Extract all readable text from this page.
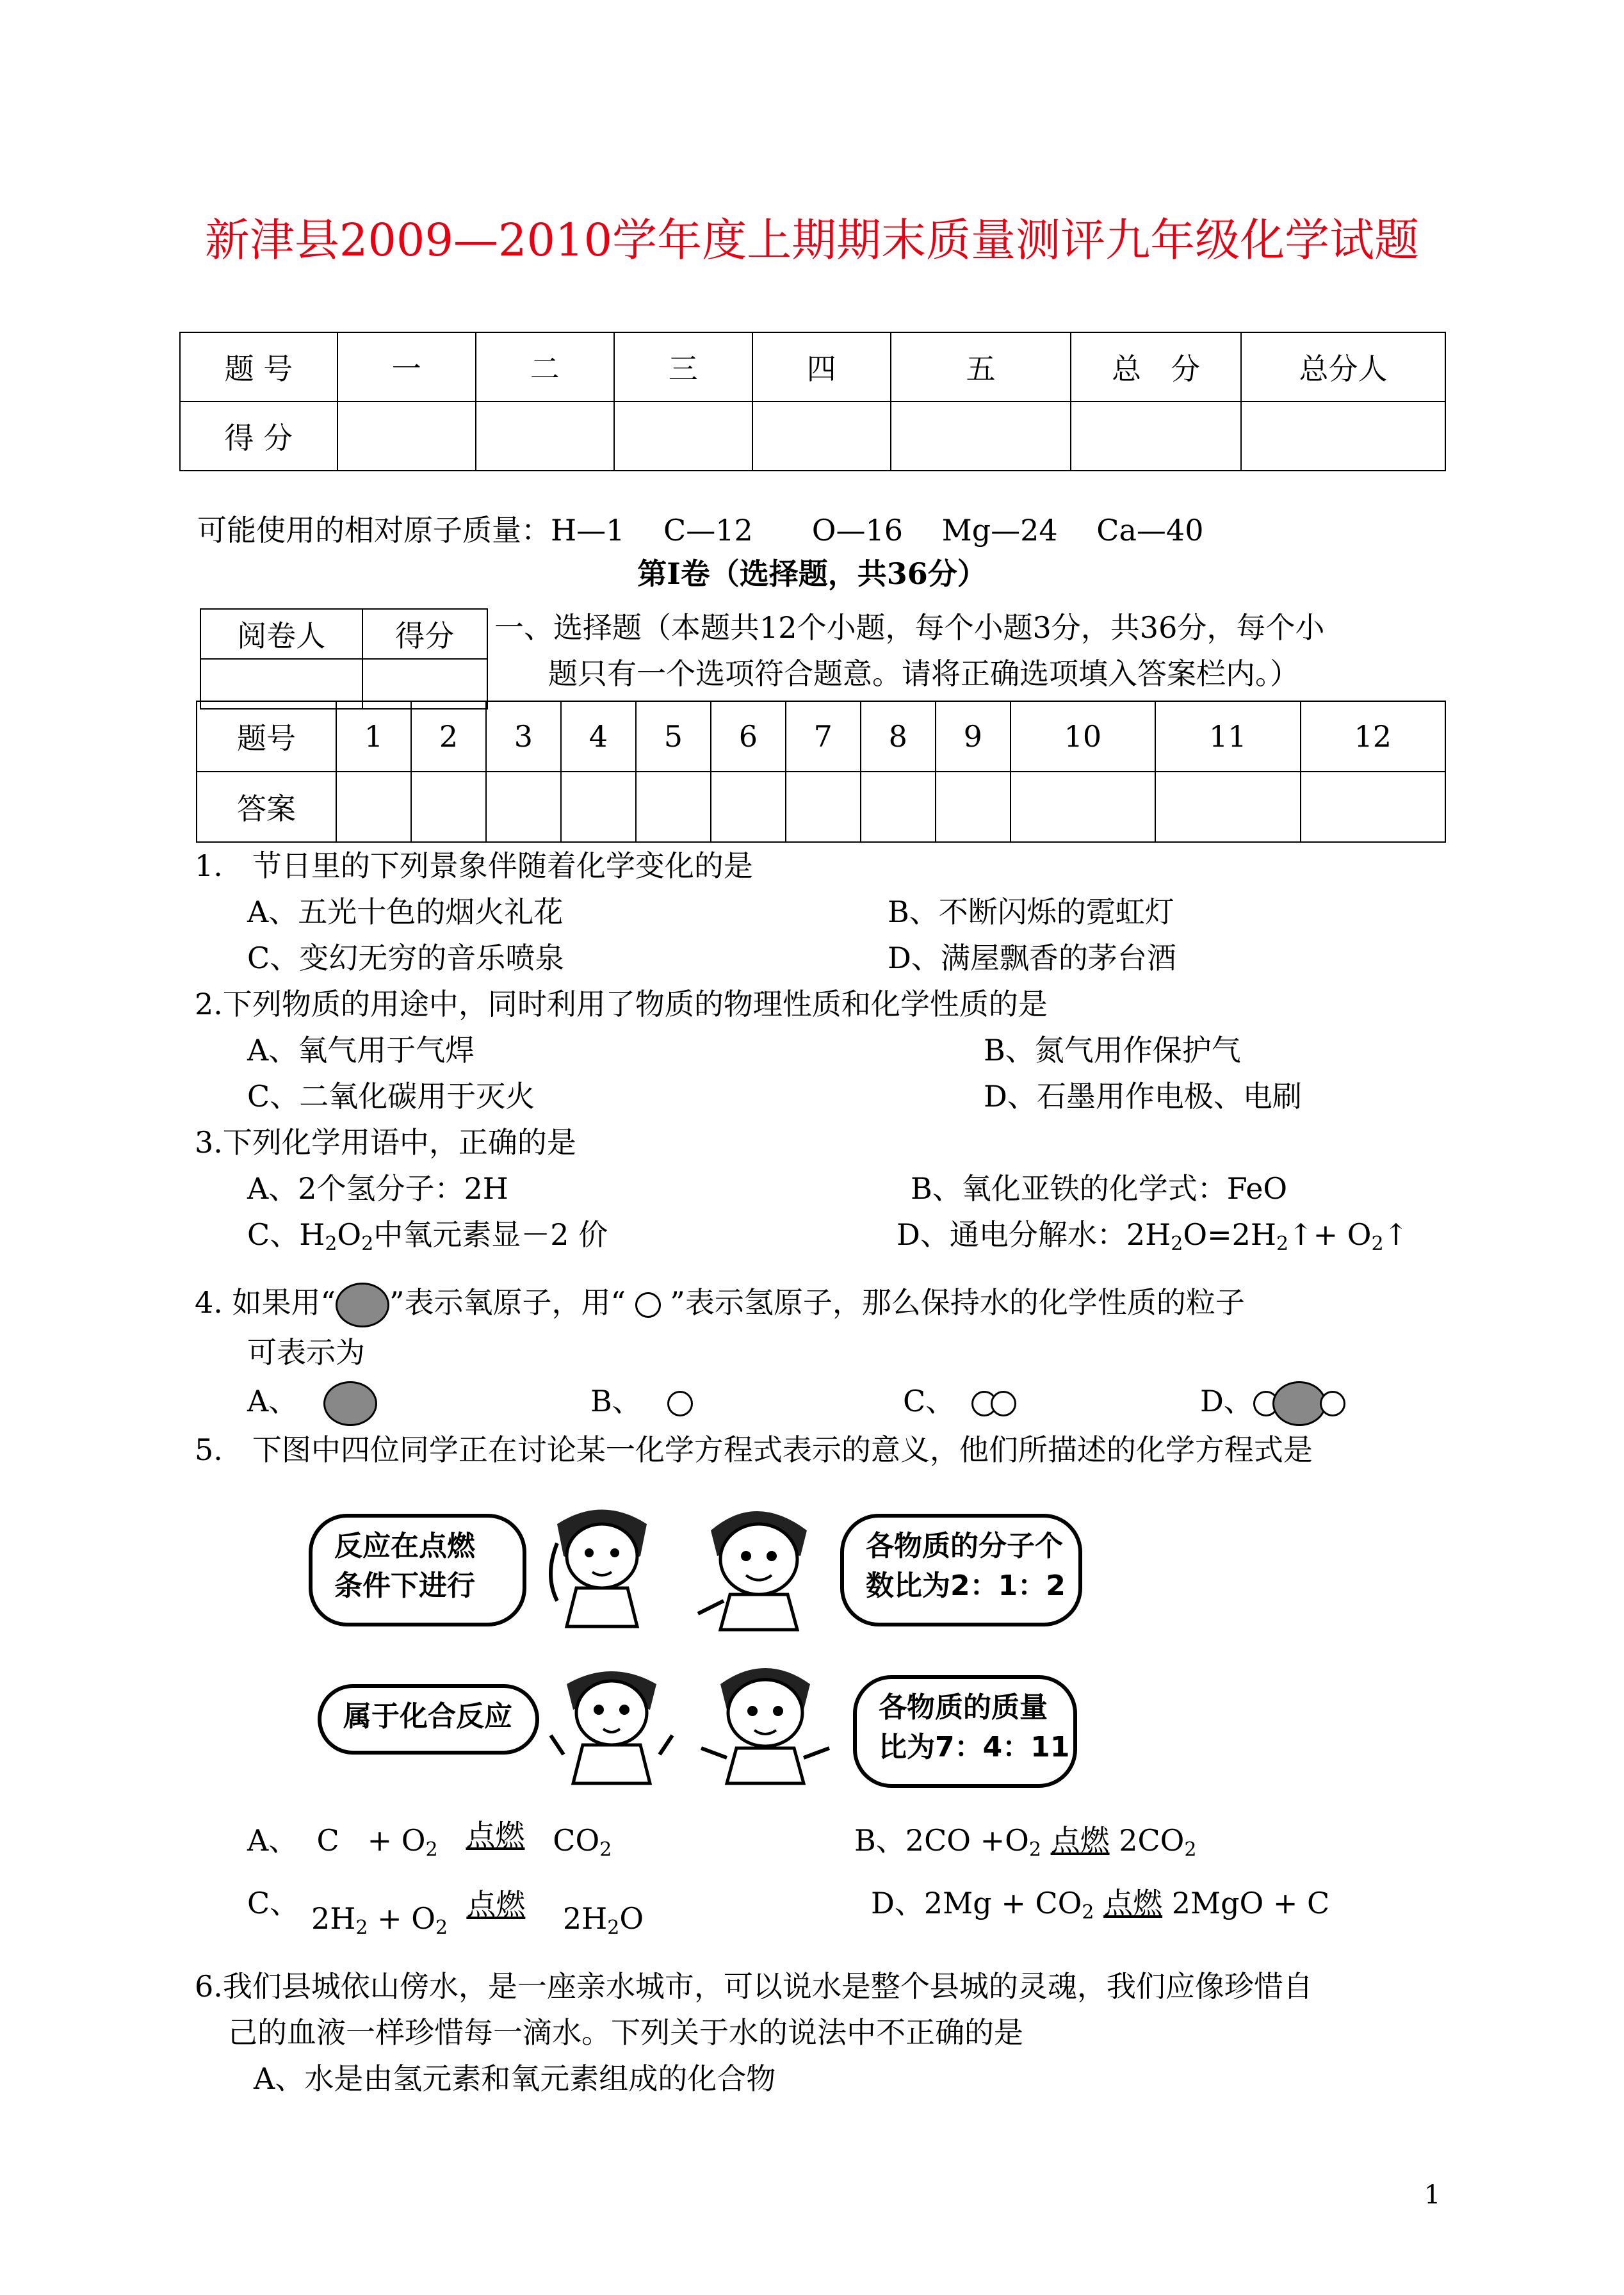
新津县2009—2010学年度上期期末质量测评九年级化学试题
题 号	一	二	三	四	五	总　分	总分人
得 分							
可能使用的相对原子质量：H—1　 C—12　　O—16　 Mg—24　 Ca—40
第Ⅰ卷（选择题，共36分）
阅卷人	得分
	一、选择题（本题共12个小题，每个小题3分，共36分，每个小
题只有一个选项符合题意。请将正确选项填入答案栏内。）
题号	1	2	3	4	5	6	7	8	9	10	11	12
答案												
1.　节日里的下列景象伴随着化学变化的是
A、五光十色的烟火礼花	B、不断闪烁的霓虹灯
C、变幻无穷的音乐喷泉	D、满屋飘香的茅台酒
2.下列物质的用途中，同时利用了物质的物理性质和化学性质的是
A、氧气用于气焊	B、氮气用作保护气
C、二氧化碳用于灭火	D、石墨用作电极、电刷
3.下列化学用语中，正确的是
A、2个氢分子：2H	B、氧化亚铁的化学式：FeO
C、$H_2O_2$中氧元素显－2 价	D、通电分解水：$2H_2O=2H_2↑+$ $O_2↑$
4. 如果用“ ”表示氧原子，用“  ”表示氢原子，那么保持水的化学性质的粒子
可表示为
A、	B、	C、	D、
5.　下图中四位同学正在讨论某一化学方程式表示的意义，他们所描述的化学方程式是
反应在点燃
条件下进行
各物质的分子个
数比为2：1：2
属于化合反应	各物质的质量
比为7：4：11
A、 $C + O_2$ 点燃 $CO_2$	B、$2CO +O_2$ 点燃 $2CO_2$
C、 $2H_2 + O_2$  点燃 $2H_2O$	D、$2Mg + CO_2$ 点燃 2MgO + C
6.我们县城依山傍水，是一座亲水城市，可以说水是整个县城的灵魂，我们应像珍惜自
己的血液一样珍惜每一滴水。下列关于水的说法中不正确的是
A、水是由氢元素和氧元素组成的化合物
1
